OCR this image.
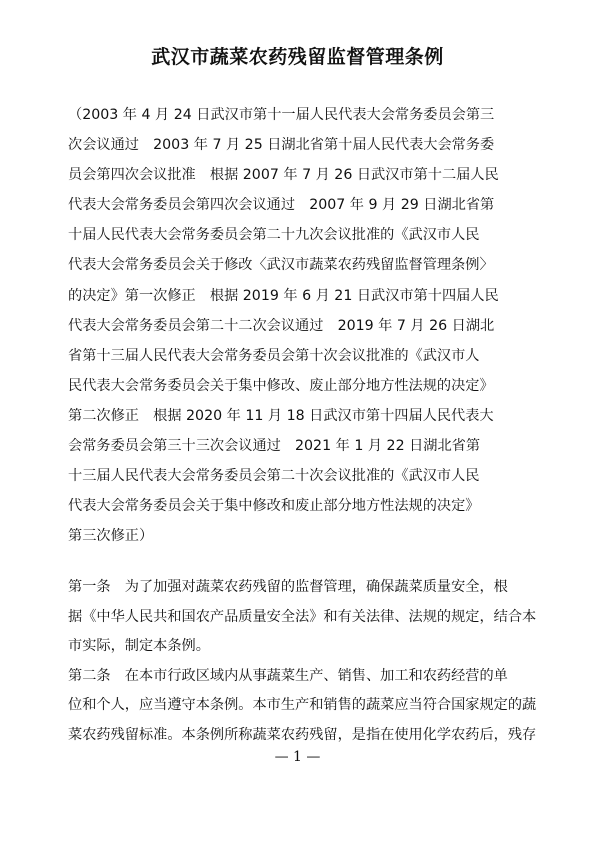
武汉市蔬菜农药残留监督管理条例
（2003 年 4 月 24 日武汉市第十一届人民代表大会常务委员会第三
次会议通过　2003 年 7 月 25 日湖北省第十届人民代表大会常务委
员会第四次会议批准　根据 2007 年 7 月 26 日武汉市第十二届人民
代表大会常务委员会第四次会议通过　2007 年 9 月 29 日湖北省第
十届人民代表大会常务委员会第二十九次会议批准的《武汉市人民
代表大会常务委员会关于修改〈武汉市蔬菜农药残留监督管理条例〉
的决定》第一次修正　根据 2019 年 6 月 21 日武汉市第十四届人民
代表大会常务委员会第二十二次会议通过　2019 年 7 月 26 日湖北
省第十三届人民代表大会常务委员会第十次会议批准的《武汉市人
民代表大会常务委员会关于集中修改、废止部分地方性法规的决定》
第二次修正　根据 2020 年 11 月 18 日武汉市第十四届人民代表大
会常务委员会第三十三次会议通过　2021 年 1 月 22 日湖北省第
十三届人民代表大会常务委员会第二十次会议批准的《武汉市人民
代表大会常务委员会关于集中修改和废止部分地方性法规的决定》
第三次修正）
第一条　为了加强对蔬菜农药残留的监督管理，确保蔬菜质量安全，根
据《中华人民共和国农产品质量安全法》和有关法律、法规的规定，结合本
市实际，制定本条例。
第二条　在本市行政区域内从事蔬菜生产、销售、加工和农药经营的单
位和个人，应当遵守本条例。本市生产和销售的蔬菜应当符合国家规定的蔬
菜农药残留标准。本条例所称蔬菜农药残留，是指在使用化学农药后，残存
— 1 —
